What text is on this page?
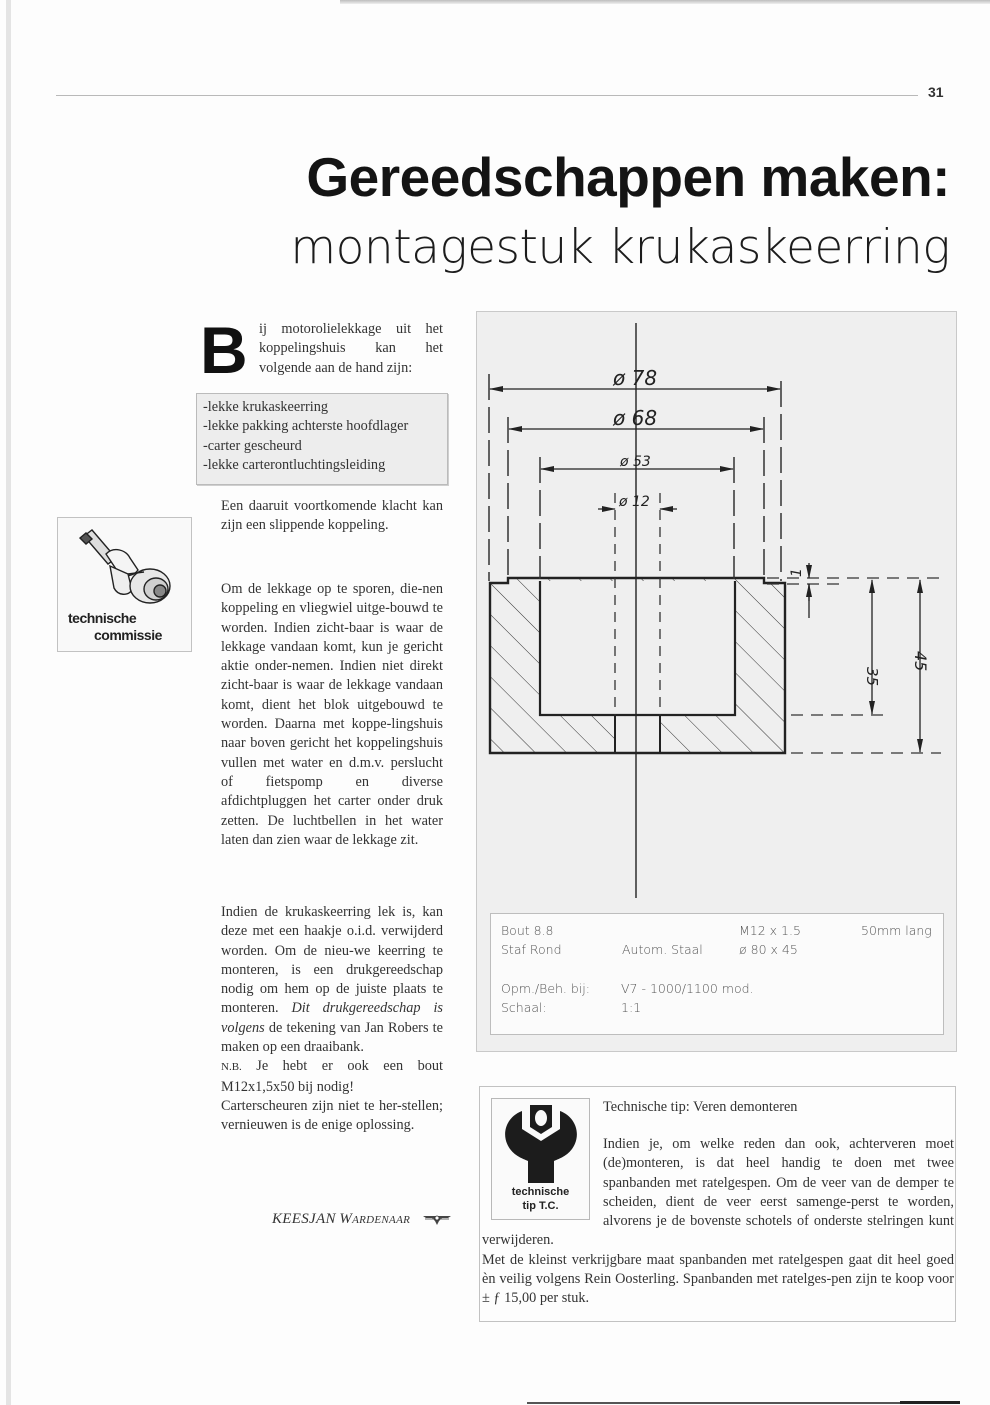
31
Gereedschappen maken:
montagestuk krukaskeerring
B ij motorolielekkage uit het koppelingshuis kan het volgende aan de hand zijn:
-lekke krukaskeerring
-lekke pakking achterste hoofdlager
-carter gescheurd
-lekke carterontluchtingsleiding
Een daaruit voortkomende klacht kan zijn een slippende koppeling.
Om de lekkage op te sporen, die-nen koppeling en vliegwiel uitge-bouwd te worden. Indien zicht-baar is waar de lekkage vandaan komt, kun je gericht aktie onder-nemen. Indien niet direkt zicht-baar is waar de lekkage vandaan komt, dient het blok uitgebouwd te worden. Daarna met koppe-lingshuis naar boven gericht het koppelingshuis vullen met water en d.m.v. perslucht of fietspomp en diverse afdichtpluggen het carter onder druk zetten. De luchtbellen in het water laten dan zien waar de lekkage zit.
Indien de krukaskeerring lek is, kan deze met een haakje o.i.d. verwijderd worden. Om de nieu-we keerring te monteren, is een drukgereedschap nodig om hem op de juiste plaats te monteren. Dit drukgereedschap is volgens de tekening van Jan Robers te maken op een draaibank.
N.B. Je hebt er ook een bout M12x1,5x50 bij nodig!
Carterscheuren zijn niet te her-stellen; vernieuwen is de enige oplossing.
KEESJAN Wardenaar
technische
commissie
ø 78
ø 68
ø 53
ø 12
1
35
45
Bout 8.8	M12 x 1.5	50mm lang
Staf Rond	Autom. Staal	ø 80 x 45
Opm./Beh. bij: V7 - 1000/1100 mod.
Schaal:	1:1
technische
tip T.C.
Technische tip: Veren demonteren

Indien je, om welke reden dan ook, achterveren moet (de)monteren, is dat heel handig te doen met twee spanbanden met ratelgespen. Om de veer van de demper te scheiden, dient de veer eerst samenge-perst te worden, alvorens je de bovenste schotels of onderste stelringen kunt verwijderen.

Met de kleinst verkrijgbare maat spanbanden met ratelgespen gaat dit heel goed èn veilig volgens Rein Oosterling. Spanbanden met ratelges-pen zijn te koop voor ± ƒ 15,00 per stuk.
